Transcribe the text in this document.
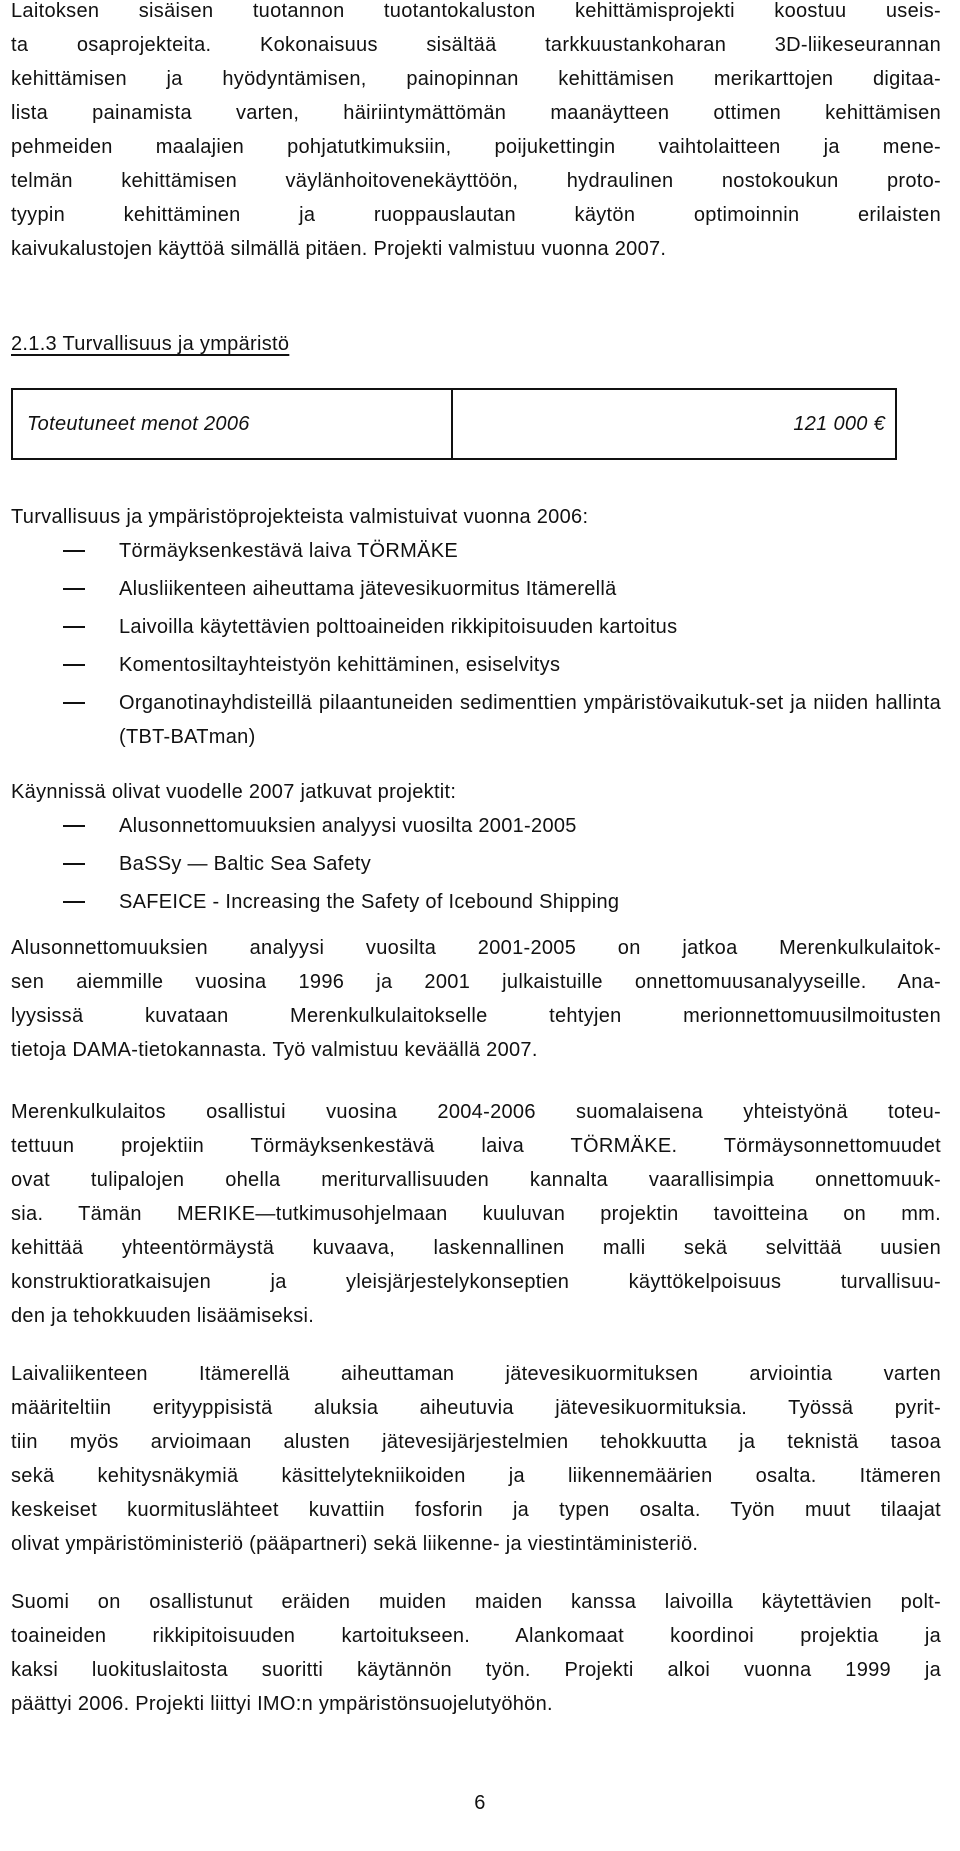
Laitoksen sisäisen tuotannon tuotantokaluston kehittämisprojekti koostuu useis-
ta osaprojekteita. Kokonaisuus sisältää tarkkuustankoharan 3D-liikeseurannan
kehittämisen ja hyödyntämisen, painopinnan kehittämisen merikarttojen digitaa-
lista painamista varten, häiriintymättömän maanäytteen ottimen kehittämisen
pehmeiden maalajien pohjatutkimuksiin, poijukettingin vaihtolaitteen ja mene-
telmän kehittämisen väylänhoitovenekäyttöön, hydraulinen nostokoukun proto-
tyypin kehittäminen ja ruoppauslautan käytön optimoinnin erilaisten
kaivukalustojen käyttöä silmällä pitäen. Projekti valmistuu vuonna 2007.
2.1.3 Turvallisuus ja ympäristö
Toteutuneet menot 2006	121 000 €
Turvallisuus ja ympäristöprojekteista valmistuivat vuonna 2006:
Törmäyksenkestävä laiva TÖRMÄKE
Alusliikenteen aiheuttama jätevesikuormitus Itämerellä
Laivoilla käytettävien polttoaineiden rikkipitoisuuden kartoitus
Komentosiltayhteistyön kehittäminen, esiselvitys
Organotinayhdisteillä pilaantuneiden sedimenttien ympäristövaikutuk-set ja niiden hallinta (TBT-BATman)
Käynnissä olivat vuodelle 2007 jatkuvat projektit:
Alusonnettomuuksien analyysi vuosilta 2001-2005
BaSSy — Baltic Sea Safety
SAFEICE - Increasing the Safety of Icebound Shipping
Alusonnettomuuksien analyysi vuosilta 2001-2005 on jatkoa Merenkulkulaitok-
sen aiemmille vuosina 1996 ja 2001 julkaistuille onnettomuusanalyyseille. Ana-
lyysissä kuvataan Merenkulkulaitokselle tehtyjen merionnettomuusilmoitusten
tietoja DAMA-tietokannasta. Työ valmistuu keväällä 2007.
Merenkulkulaitos osallistui vuosina 2004-2006 suomalaisena yhteistyönä toteu-
tettuun projektiin Törmäyksenkestävä laiva TÖRMÄKE. Törmäysonnettomuudet
ovat tulipalojen ohella meriturvallisuuden kannalta vaarallisimpia onnettomuuk-
sia. Tämän MERIKE—tutkimusohjelmaan kuuluvan projektin tavoitteina on mm.
kehittää yhteentörmäystä kuvaava, laskennallinen malli sekä selvittää uusien
konstruktioratkaisujen ja yleisjärjestelykonseptien käyttökelpoisuus turvallisuu-
den ja tehokkuuden lisäämiseksi.
Laivaliikenteen Itämerellä aiheuttaman jätevesikuormituksen arviointia varten
määriteltiin erityyppisistä aluksia aiheutuvia jätevesikuormituksia. Työssä pyrit-
tiin myös arvioimaan alusten jätevesijärjestelmien tehokkuutta ja teknistä tasoa
sekä kehitysnäkymiä käsittelytekniikoiden ja liikennemäärien osalta. Itämeren
keskeiset kuormituslähteet kuvattiin fosforin ja typen osalta. Työn muut tilaajat
olivat ympäristöministeriö (pääpartneri) sekä liikenne- ja viestintäministeriö.
Suomi on osallistunut eräiden muiden maiden kanssa laivoilla käytettävien polt-
toaineiden rikkipitoisuuden kartoitukseen. Alankomaat koordinoi projektia ja
kaksi luokituslaitosta suoritti käytännön työn. Projekti alkoi vuonna 1999 ja
päättyi 2006. Projekti liittyi IMO:n ympäristönsuojelutyöhön.
6
